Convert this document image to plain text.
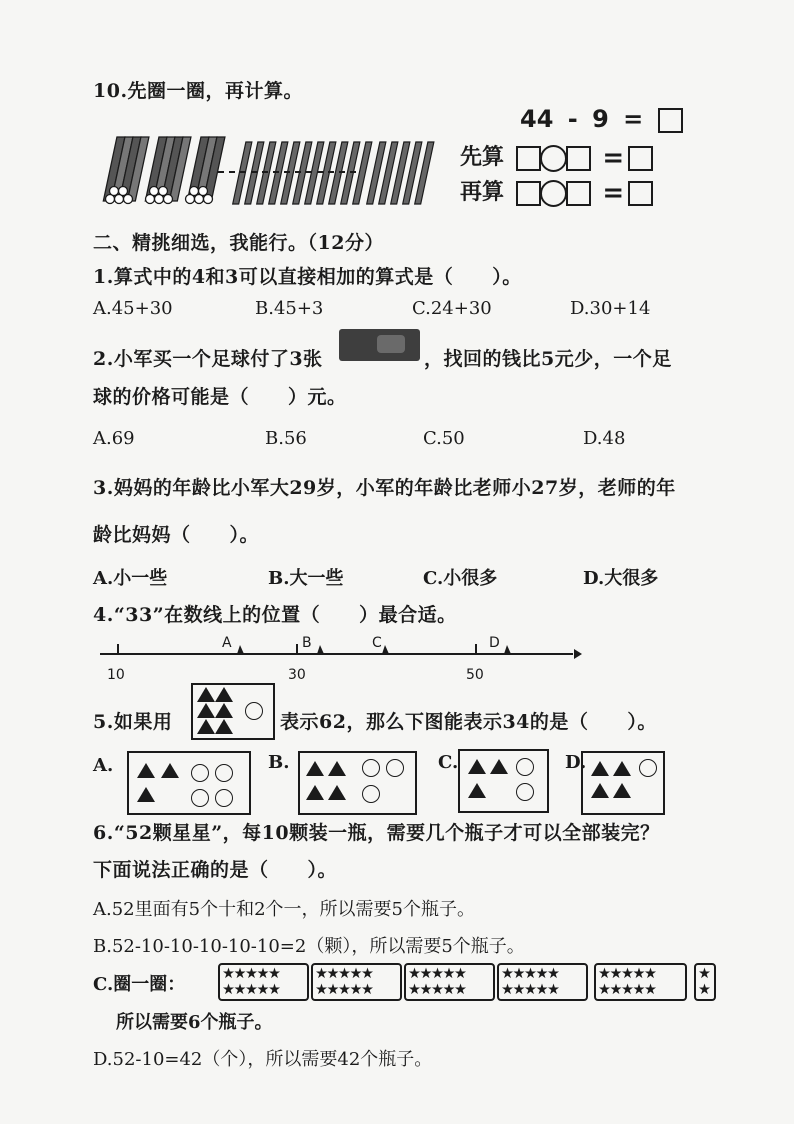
10.先圈一圈，再计算。
44 - 9 =
先算	=
再算	=
二、精挑细选，我能行。（12分）
1.算式中的4和3可以直接相加的算式是（　　）。
A.45+30	B.45+3	C.24+30	D.30+14
2.小军买一个足球付了3张	，找回的钱比5元少，一个足
球的价格可能是（　　）元。
A.69	B.56	C.50	D.48
3.妈妈的年龄比小军大29岁，小军的年龄比老师小27岁，老师的年
龄比妈妈（　　）。
A.小一些	B.大一些	C.小很多	D.大很多
4.“33”在数线上的位置（　　）最合适。
A	B	C	D
10	30	50
5.如果用	表示62，那么下图能表示34的是（　　）。
A.	B.	C.	D.
6.“52颗星星”，每10颗装一瓶，需要几个瓶子才可以全部装完？
下面说法正确的是（　　）。
A.52里面有5个十和2个一，所以需要5个瓶子。
B.52-10-10-10-10-10=2（颗），所以需要5个瓶子。
C.圈一圈：	★★★★★
★★★★★
★★★★★
★★★★★
★★★★★
★★★★★
★★★★★
★★★★★
★★★★★
★★★★★
★
★
所以需要6个瓶子。
D.52-10=42（个），所以需要42个瓶子。
